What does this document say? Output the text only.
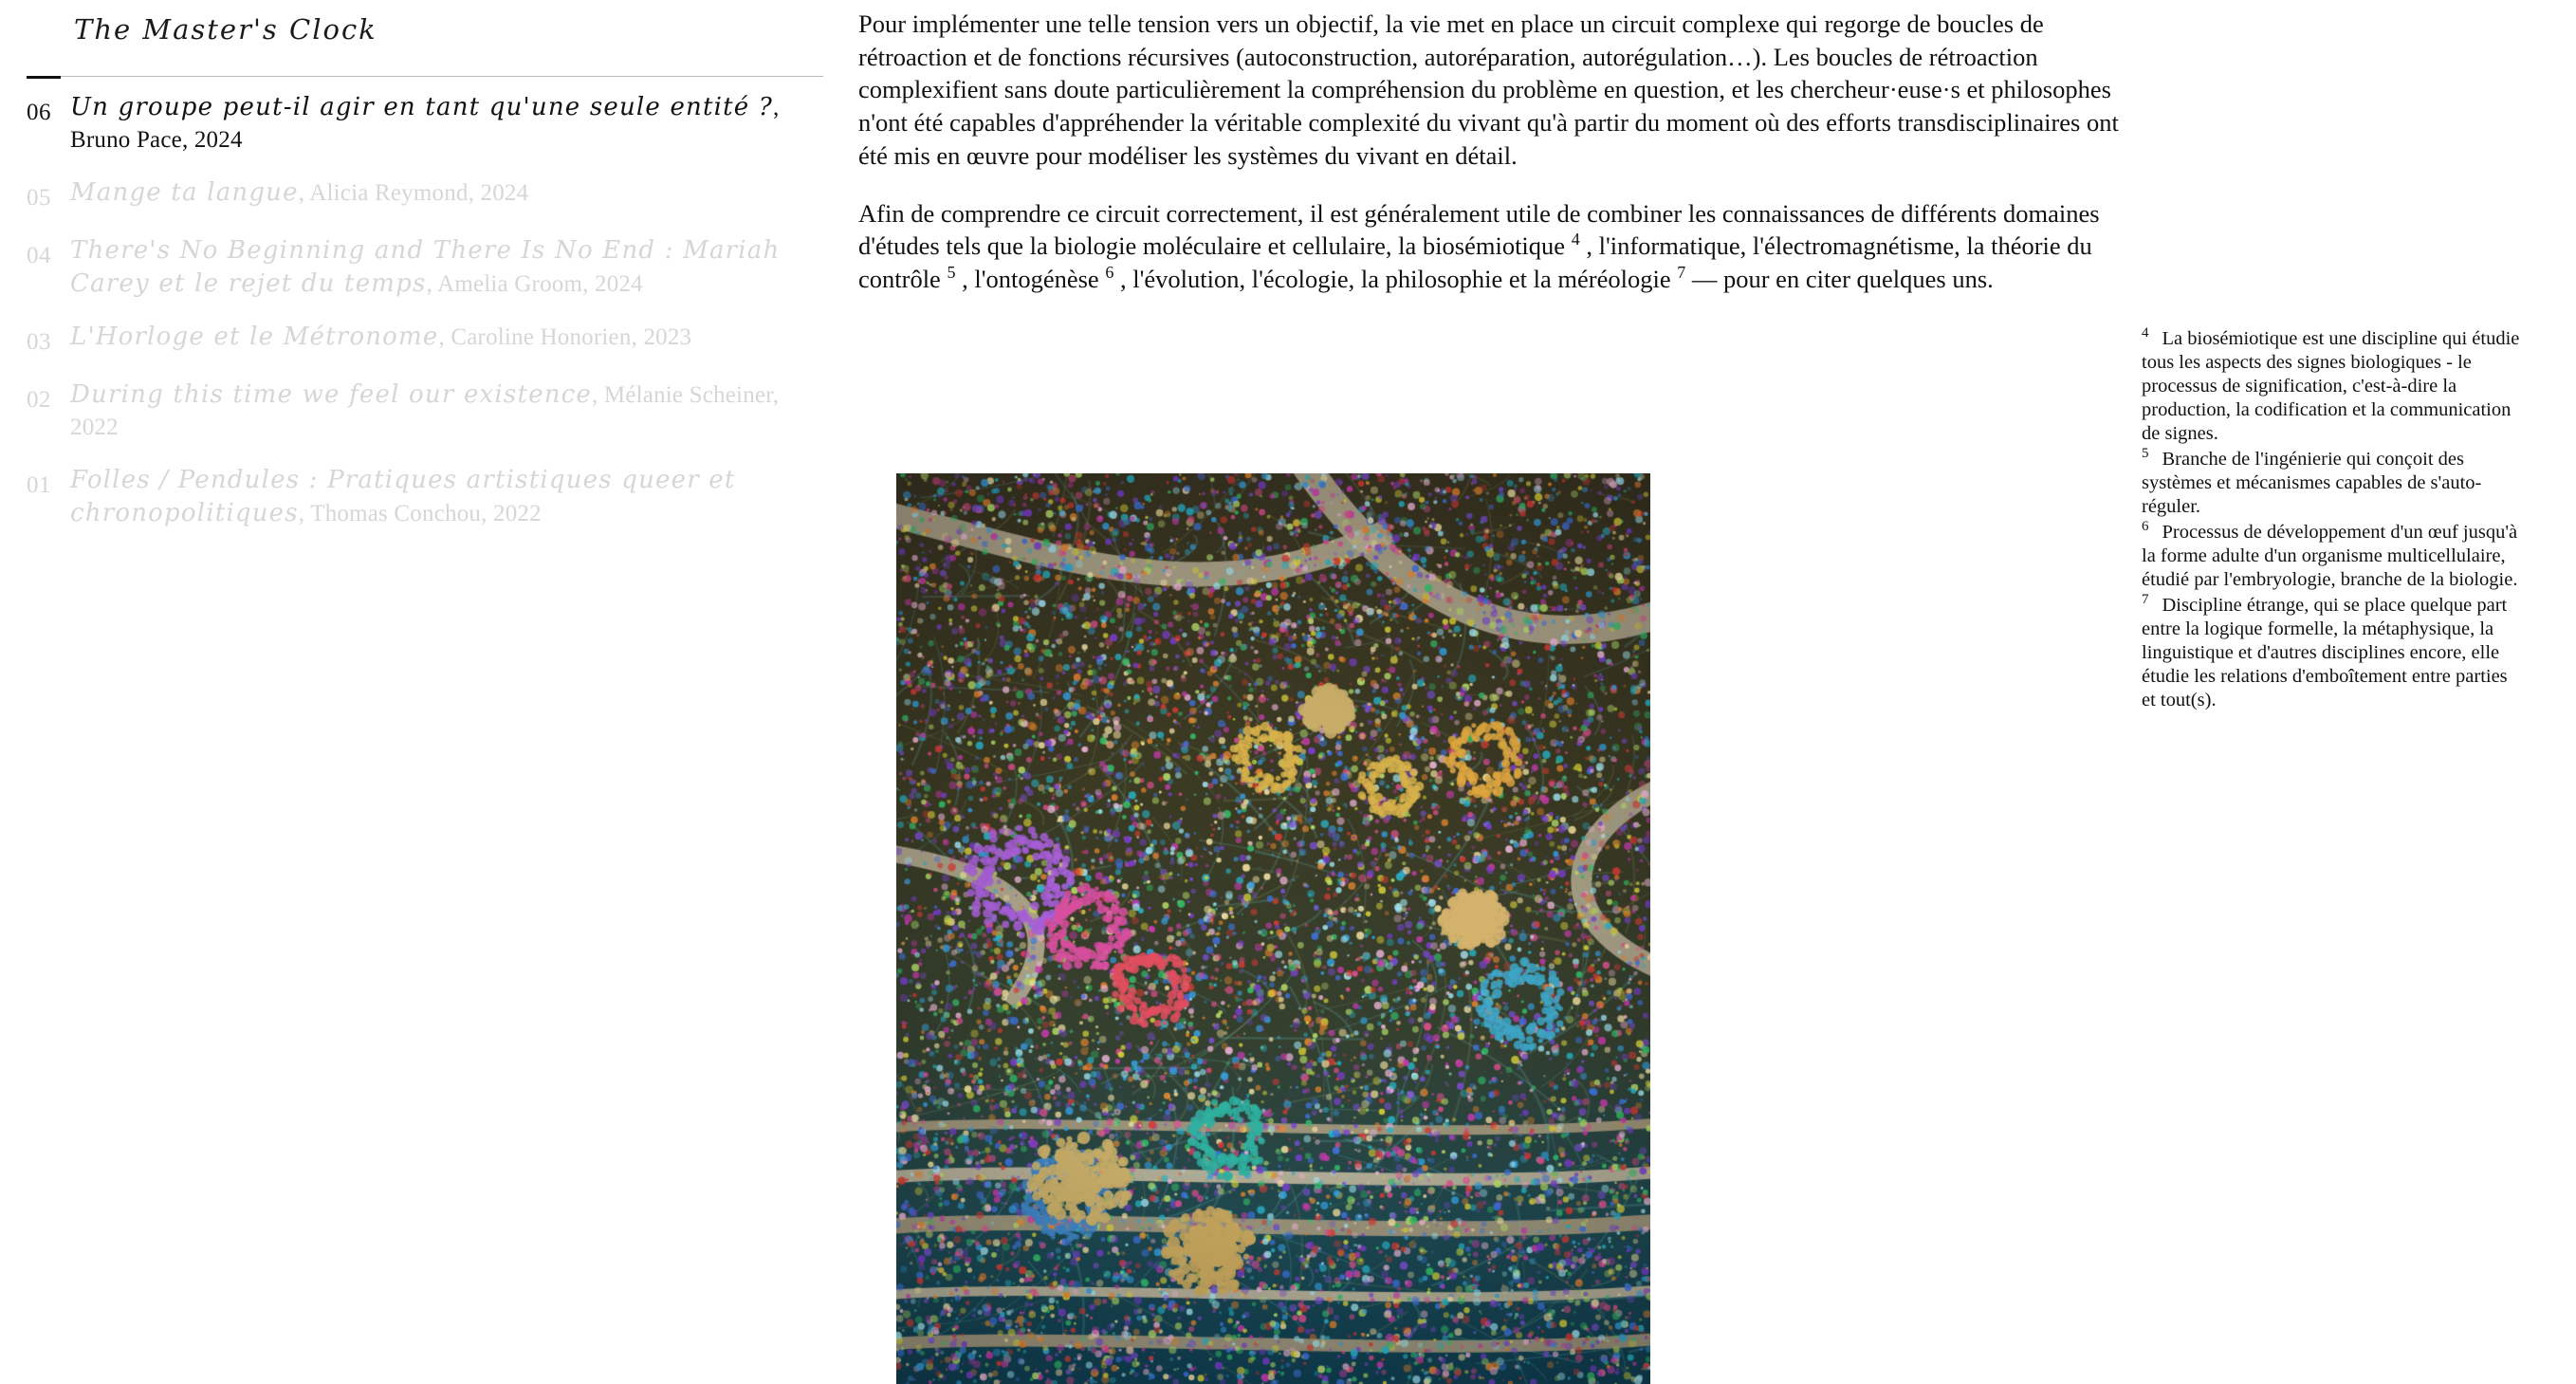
The Master's Clock
06 Un groupe peut-il agir en tant qu'une seule entité ?, Bruno Pace, 2024
05 Mange ta langue, Alicia Reymond, 2024
04 There's No Beginning and There Is No End : Mariah Carey et le rejet du temps, Amelia Groom, 2024
03 L'Horloge et le Métronome, Caroline Honorien, 2023
02 During this time we feel our existence, Mélanie Scheiner, 2022
01 Folles / Pendules : Pratiques artistiques queer et chronopolitiques, Thomas Conchou, 2022

Pour implémenter une telle tension vers un objectif, la vie met en place un circuit complexe qui regorge de boucles de rétroaction et de fonctions récursives (autoconstruction, autoréparation, autorégulation…). Les boucles de rétroaction complexifient sans doute particulièrement la compréhension du problème en question, et les chercheur·euse·s et philosophes n'ont été capables d'appréhender la véritable complexité du vivant qu'à partir du moment où des efforts transdisciplinaires ont été mis en œuvre pour modéliser les systèmes du vivant en détail.

Afin de comprendre ce circuit correctement, il est généralement utile de combiner les connaissances de différents domaines d'études tels que la biologie moléculaire et cellulaire, la biosémiotique $^4$ , l'informatique, l'électromagnétisme, la théorie du contrôle $^5$ , l'ontogénèse $^6$ , l'évolution, l'écologie, la philosophie et la méréologie $^7$ — pour en citer quelques uns.

$^4$ La biosémiotique est une discipline qui étudie tous les aspects des signes biologiques - le processus de signification, c'est-à-dire la production, la codification et la communication de signes.
$^5$ Branche de l'ingénierie qui conçoit des systèmes et mécanismes capables de s'auto-réguler.
$^6$ Processus de développement d'un œuf jusqu'à la forme adulte d'un organisme multicellulaire, étudié par l'embryologie, branche de la biologie.
$^7$ Discipline étrange, qui se place quelque part entre la logique formelle, la métaphysique, la linguistique et d'autres disciplines encore, elle étudie les relations d'emboîtement entre parties et tout(s).
